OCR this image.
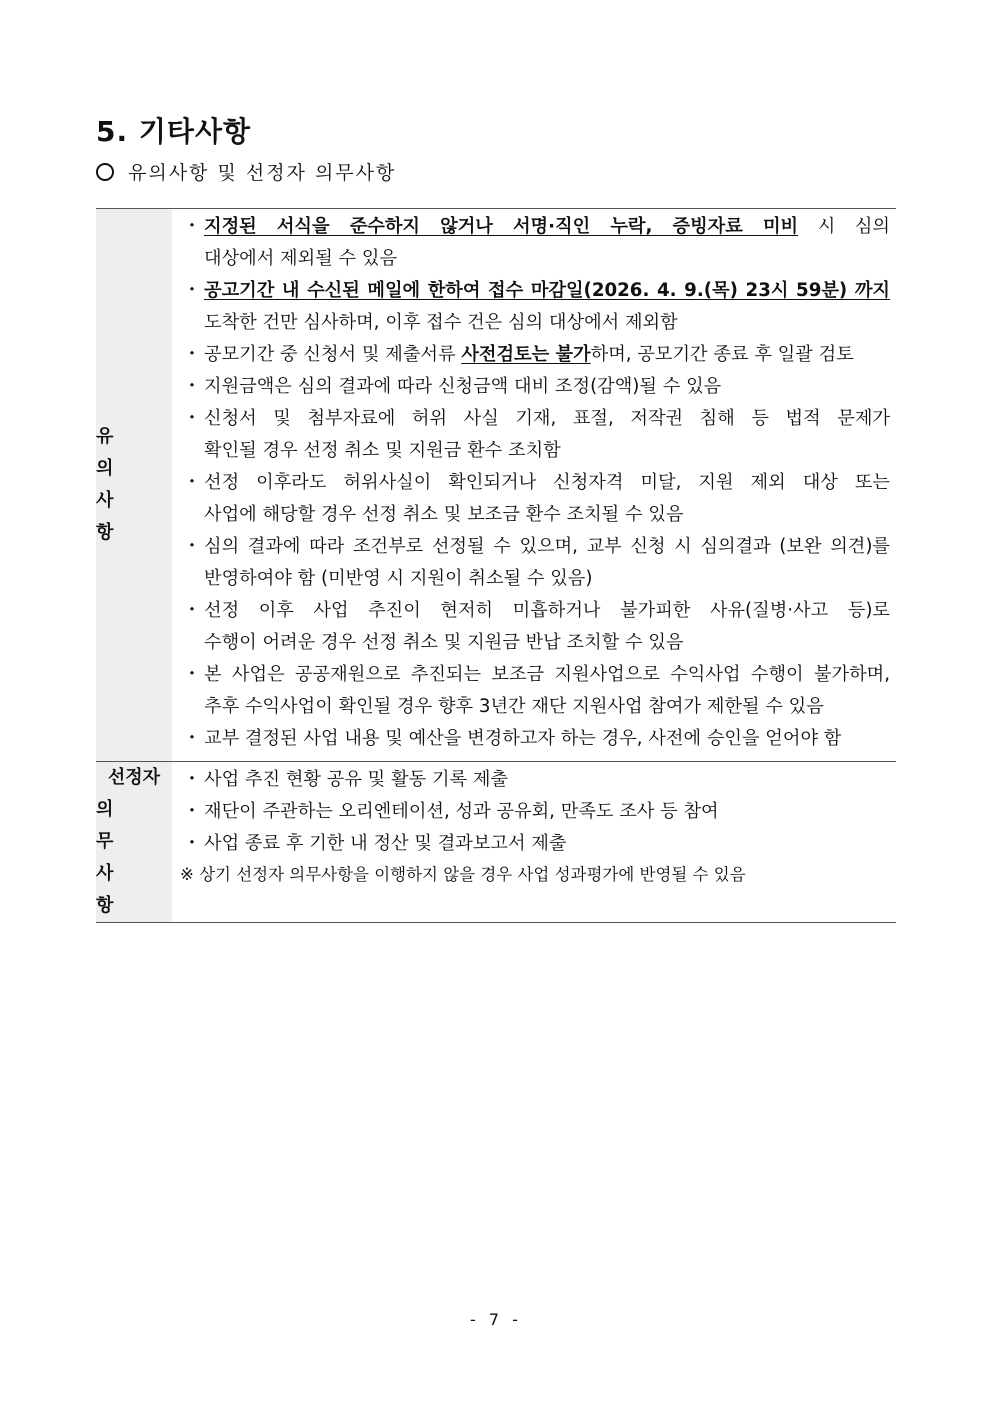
5. 기타사항
유의사항 및 선정자 의무사항
유 의
사 항
・ 지정된 서식을 준수하지 않거나 서명·직인 누락, 증빙자료 미비 시 심의
대상에서 제외될 수 있음
・ 공고기간 내 수신된 메일에 한하여 접수 마감일(2026. 4. 9.(목) 23시 59분) 까지
도착한 건만 심사하며, 이후 접수 건은 심의 대상에서 제외함
・ 공모기간 중 신청서 및 제출서류 사전검토는 불가하며, 공모기간 종료 후 일괄 검토
・ 지원금액은 심의 결과에 따라 신청금액 대비 조정(감액)될 수 있음
・ 신청서 및 첨부자료에 허위 사실 기재, 표절, 저작권 침해 등 법적 문제가
확인될 경우 선정 취소 및 지원금 환수 조치함
・ 선정 이후라도 허위사실이 확인되거나 신청자격 미달, 지원 제외 대상 또는
사업에 해당할 경우 선정 취소 및 보조금 환수 조치될 수 있음
・ 심의 결과에 따라 조건부로 선정될 수 있으며, 교부 신청 시 심의결과 (보완 의견)를
반영하여야 함 (미반영 시 지원이 취소될 수 있음)
・ 선정 이후 사업 추진이 현저히 미흡하거나 불가피한 사유(질병·사고 등)로
수행이 어려운 경우 선정 취소 및 지원금 반납 조치할 수 있음
・ 본 사업은 공공재원으로 추진되는 보조금 지원사업으로 수익사업 수행이 불가하며,
추후 수익사업이 확인될 경우 향후 3년간 재단 지원사업 참여가 제한될 수 있음
・ 교부 결정된 사업 내용 및 예산을 변경하고자 하는 경우, 사전에 승인을 얻어야 함
선정자
의 무
사 항
・ 사업 추진 현황 공유 및 활동 기록 제출
・ 재단이 주관하는 오리엔테이션, 성과 공유회, 만족도 조사 등 참여
・ 사업 종료 후 기한 내 정산 및 결과보고서 제출
※ 상기 선정자 의무사항을 이행하지 않을 경우 사업 성과평가에 반영될 수 있음
- 7 -
